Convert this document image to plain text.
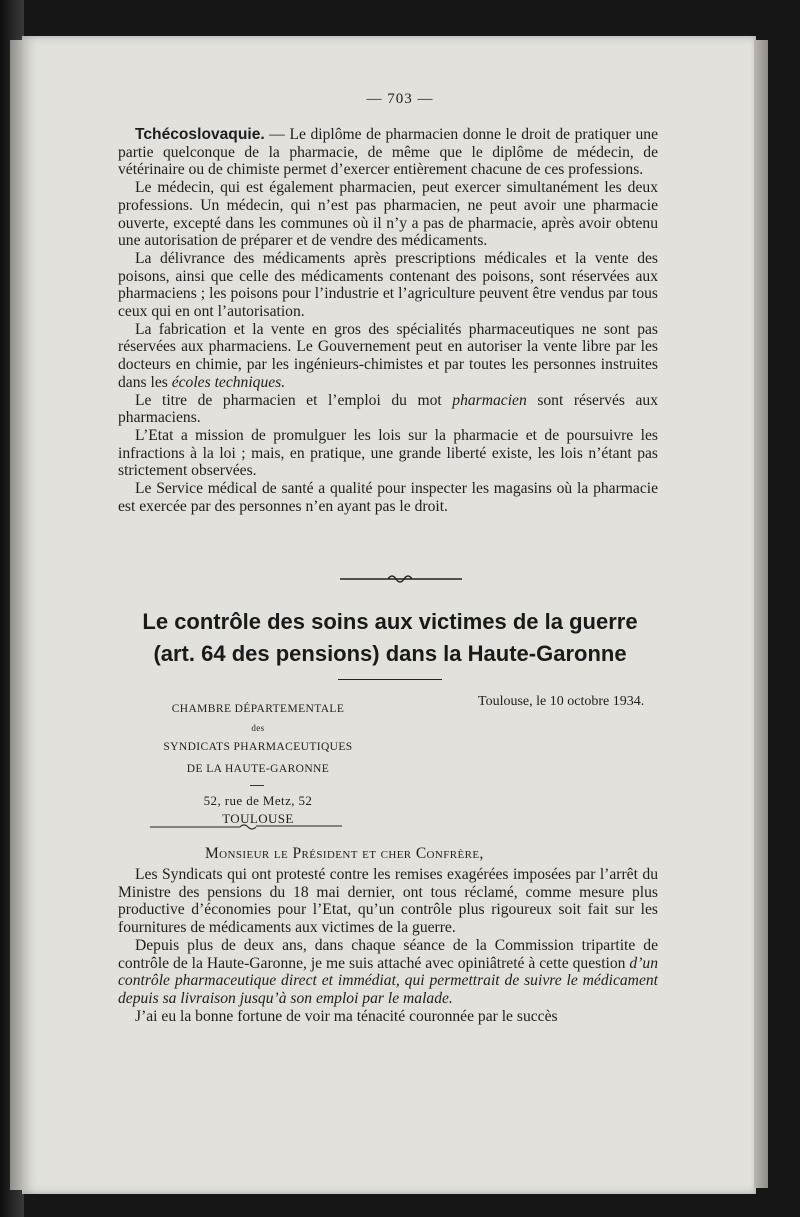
— 703 —

Tchécoslovaquie. — Le diplôme de pharmacien donne le droit de pratiquer une partie quelconque de la pharmacie, de même que le diplôme de médecin, de vétérinaire ou de chimiste permet d’exercer entièrement chacune de ces professions.

Le médecin, qui est également pharmacien, peut exercer simultanément les deux professions. Un médecin, qui n’est pas pharmacien, ne peut avoir une pharmacie ouverte, excepté dans les communes où il n’y a pas de pharmacie, après avoir obtenu une autorisation de préparer et de vendre des médicaments.

La délivrance des médicaments après prescriptions médicales et la vente des poisons, ainsi que celle des médicaments contenant des poisons, sont réservées aux pharmaciens ; les poisons pour l’industrie et l’agriculture peuvent être vendus par tous ceux qui en ont l’autorisation.

La fabrication et la vente en gros des spécialités pharmaceutiques ne sont pas réservées aux pharmaciens. Le Gouvernement peut en autoriser la vente libre par les docteurs en chimie, par les ingénieurs-chimistes et par toutes les personnes instruites dans les écoles techniques.

Le titre de pharmacien et l’emploi du mot pharmacien sont réservés aux pharmaciens.

L’Etat a mission de promulguer les lois sur la pharmacie et de poursuivre les infractions à la loi ; mais, en pratique, une grande liberté existe, les lois n’étant pas strictement observées.

Le Service médical de santé a qualité pour inspecter les magasins où la pharmacie est exercée par des personnes n’en ayant pas le droit.

Le contrôle des soins aux victimes de la guerre
(art. 64 des pensions) dans la Haute-Garonne
CHAMBRE DÉPARTEMENTALE
des
SYNDICATS PHARMACEUTIQUES
DE LA HAUTE-GARONNE
52, rue de Metz, 52
TOULOUSE
Toulouse, le 10 octobre 1934.
Monsieur le Président et cher Confrère,

Les Syndicats qui ont protesté contre les remises exagérées imposées par l’arrêt du Ministre des pensions du 18 mai dernier, ont tous réclamé, comme mesure plus productive d’économies pour l’Etat, qu’un contrôle plus rigoureux soit fait sur les fournitures de médicaments aux victimes de la guerre.

Depuis plus de deux ans, dans chaque séance de la Commission tripartite de contrôle de la Haute-Garonne, je me suis attaché avec opiniâtreté à cette question d’un contrôle pharmaceutique direct et immédiat, qui permettrait de suivre le médicament depuis sa livraison jusqu’à son emploi par le malade.

J’ai eu la bonne fortune de voir ma ténacité couronnée par le succès
